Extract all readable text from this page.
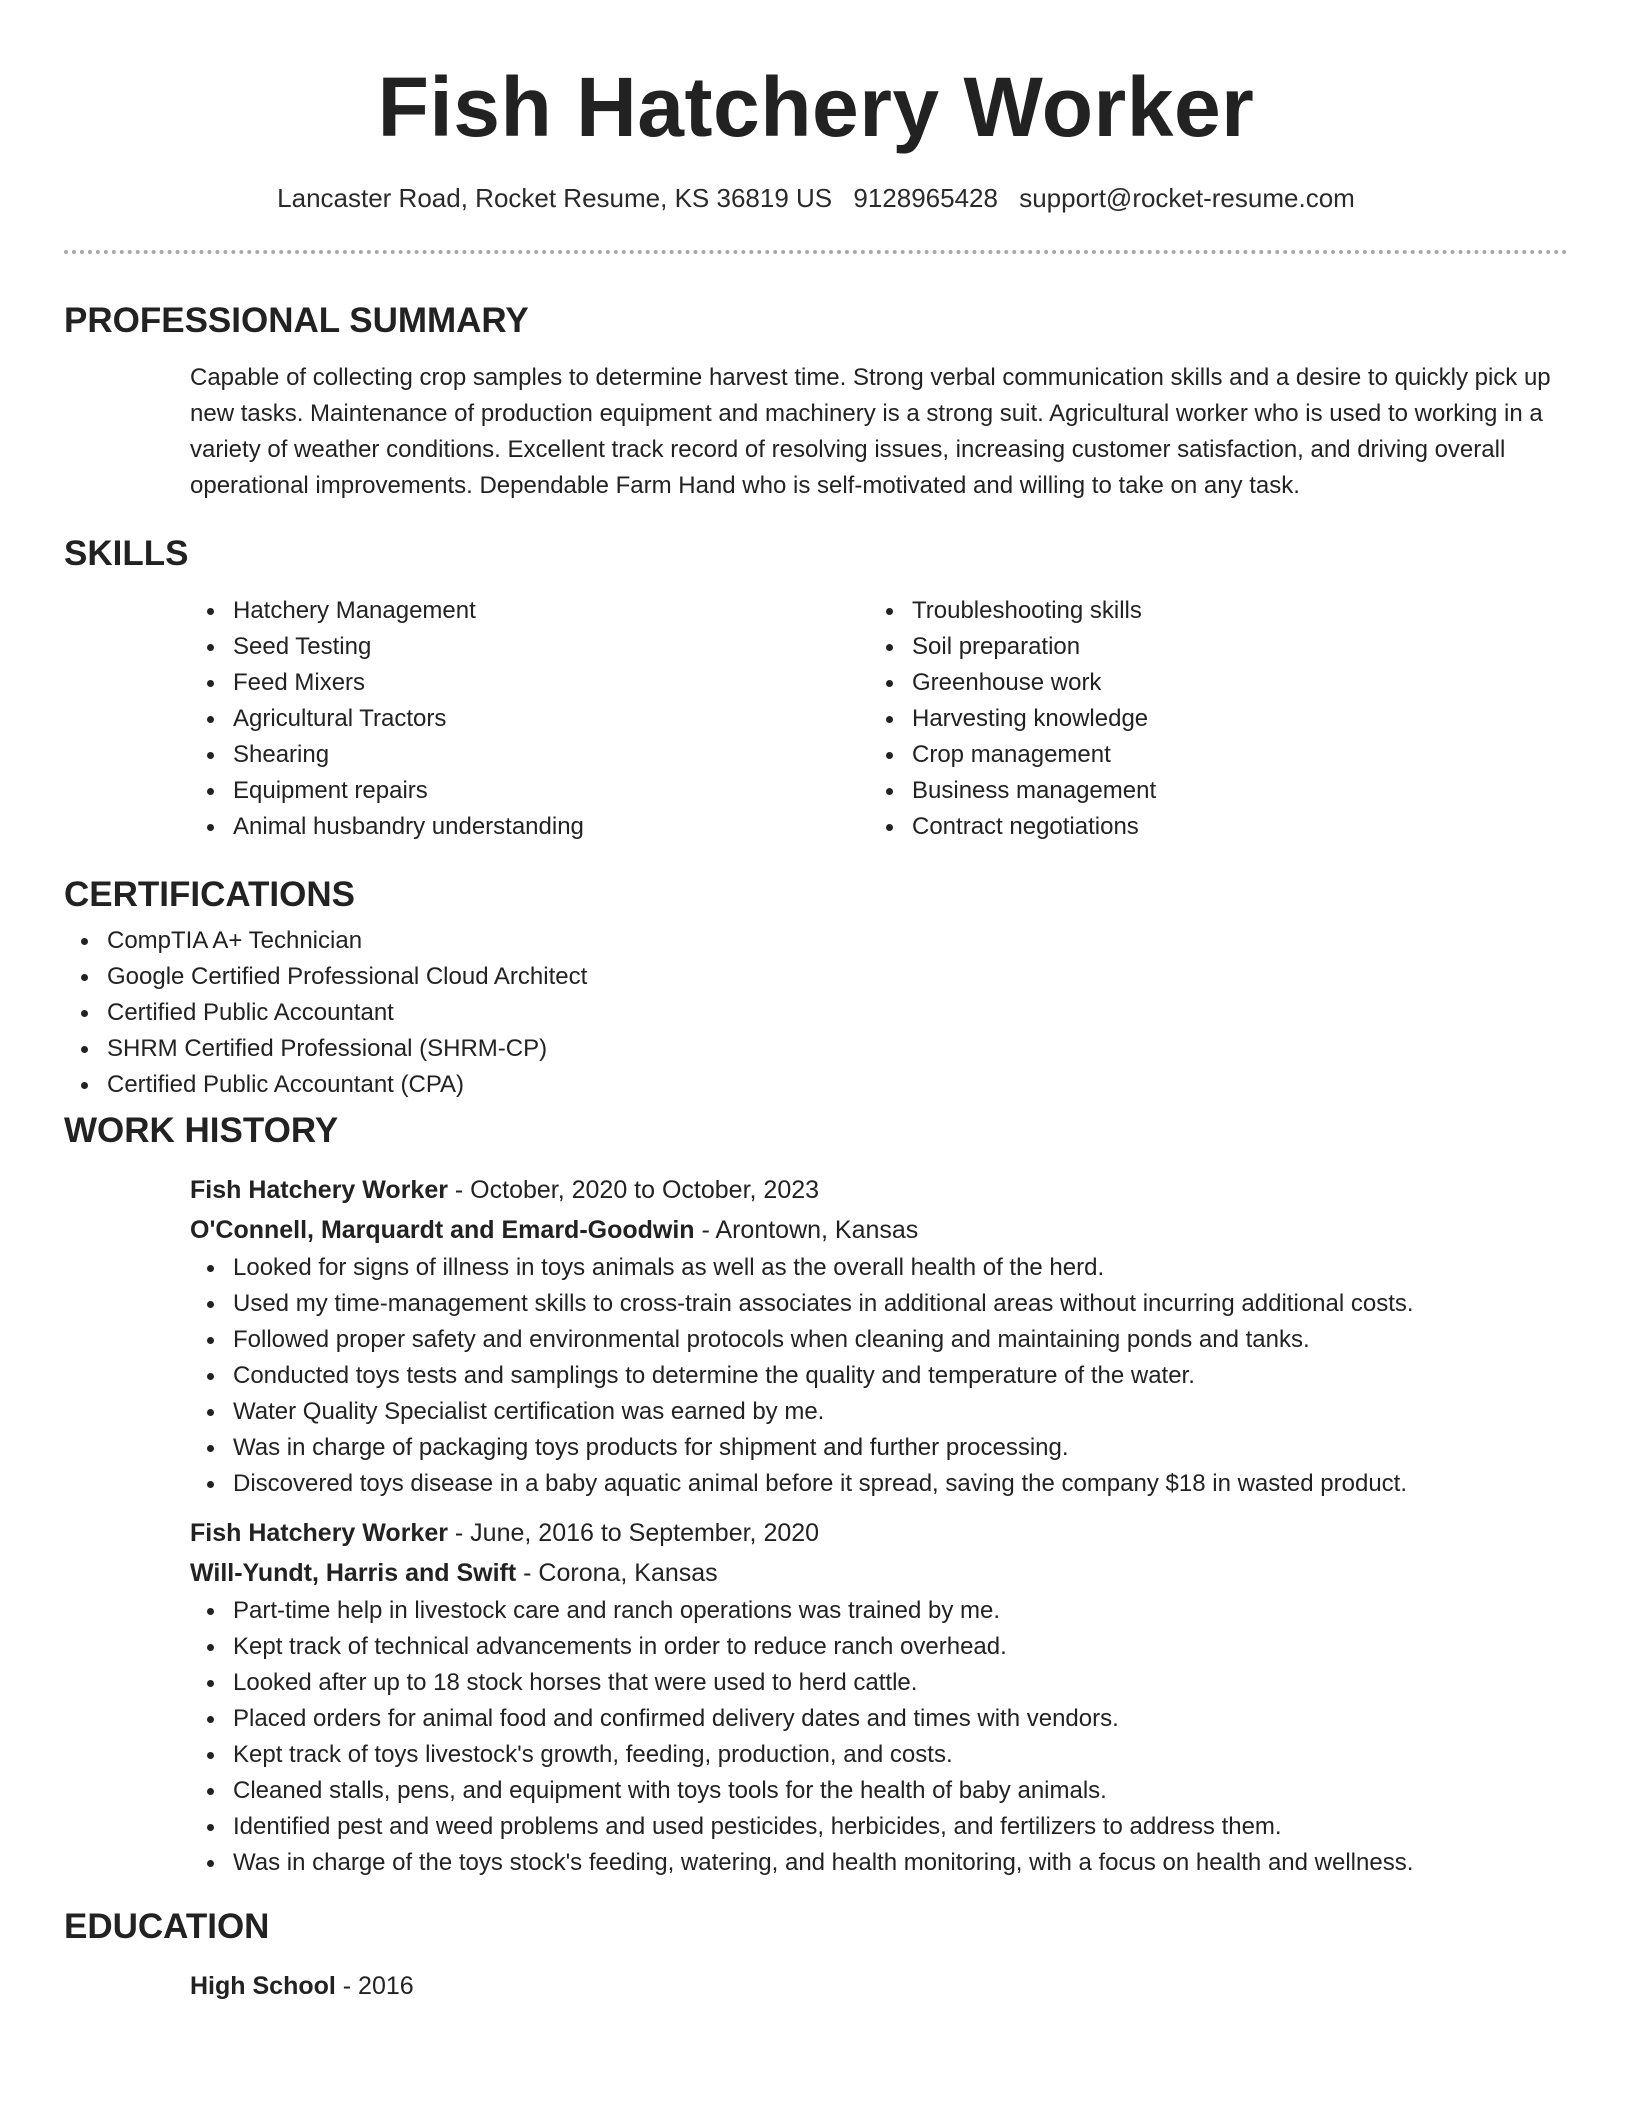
Fish Hatchery Worker
Lancaster Road, Rocket Resume, KS 36819 US 9128965428 support@rocket-resume.com
PROFESSIONAL SUMMARY

Capable of collecting crop samples to determine harvest time. Strong verbal communication skills and a desire to quickly pick up new tasks. Maintenance of production equipment and machinery is a strong suit. Agricultural worker who is used to working in a variety of weather conditions. Excellent track record of resolving issues, increasing customer satisfaction, and driving overall operational improvements. Dependable Farm Hand who is self-motivated and willing to take on any task.

SKILLS
Hatchery Management
Seed Testing
Feed Mixers
Agricultural Tractors
Shearing
Equipment repairs
Animal husbandry understanding
Troubleshooting skills
Soil preparation
Greenhouse work
Harvesting knowledge
Crop management
Business management
Contract negotiations
CERTIFICATIONS
CompTIA A+ Technician
Google Certified Professional Cloud Architect
Certified Public Accountant
SHRM Certified Professional (SHRM-CP)
Certified Public Accountant (CPA)
WORK HISTORY
Fish Hatchery Worker - October, 2020 to October, 2023
O'Connell, Marquardt and Emard-Goodwin - Arontown, Kansas
Looked for signs of illness in toys animals as well as the overall health of the herd.
Used my time-management skills to cross-train associates in additional areas without incurring additional costs.
Followed proper safety and environmental protocols when cleaning and maintaining ponds and tanks.
Conducted toys tests and samplings to determine the quality and temperature of the water.
Water Quality Specialist certification was earned by me.
Was in charge of packaging toys products for shipment and further processing.
Discovered toys disease in a baby aquatic animal before it spread, saving the company $18 in wasted product.
Fish Hatchery Worker - June, 2016 to September, 2020
Will-Yundt, Harris and Swift - Corona, Kansas
Part-time help in livestock care and ranch operations was trained by me.
Kept track of technical advancements in order to reduce ranch overhead.
Looked after up to 18 stock horses that were used to herd cattle.
Placed orders for animal food and confirmed delivery dates and times with vendors.
Kept track of toys livestock's growth, feeding, production, and costs.
Cleaned stalls, pens, and equipment with toys tools for the health of baby animals.
Identified pest and weed problems and used pesticides, herbicides, and fertilizers to address them.
Was in charge of the toys stock's feeding, watering, and health monitoring, with a focus on health and wellness.
EDUCATION
High School - 2016
